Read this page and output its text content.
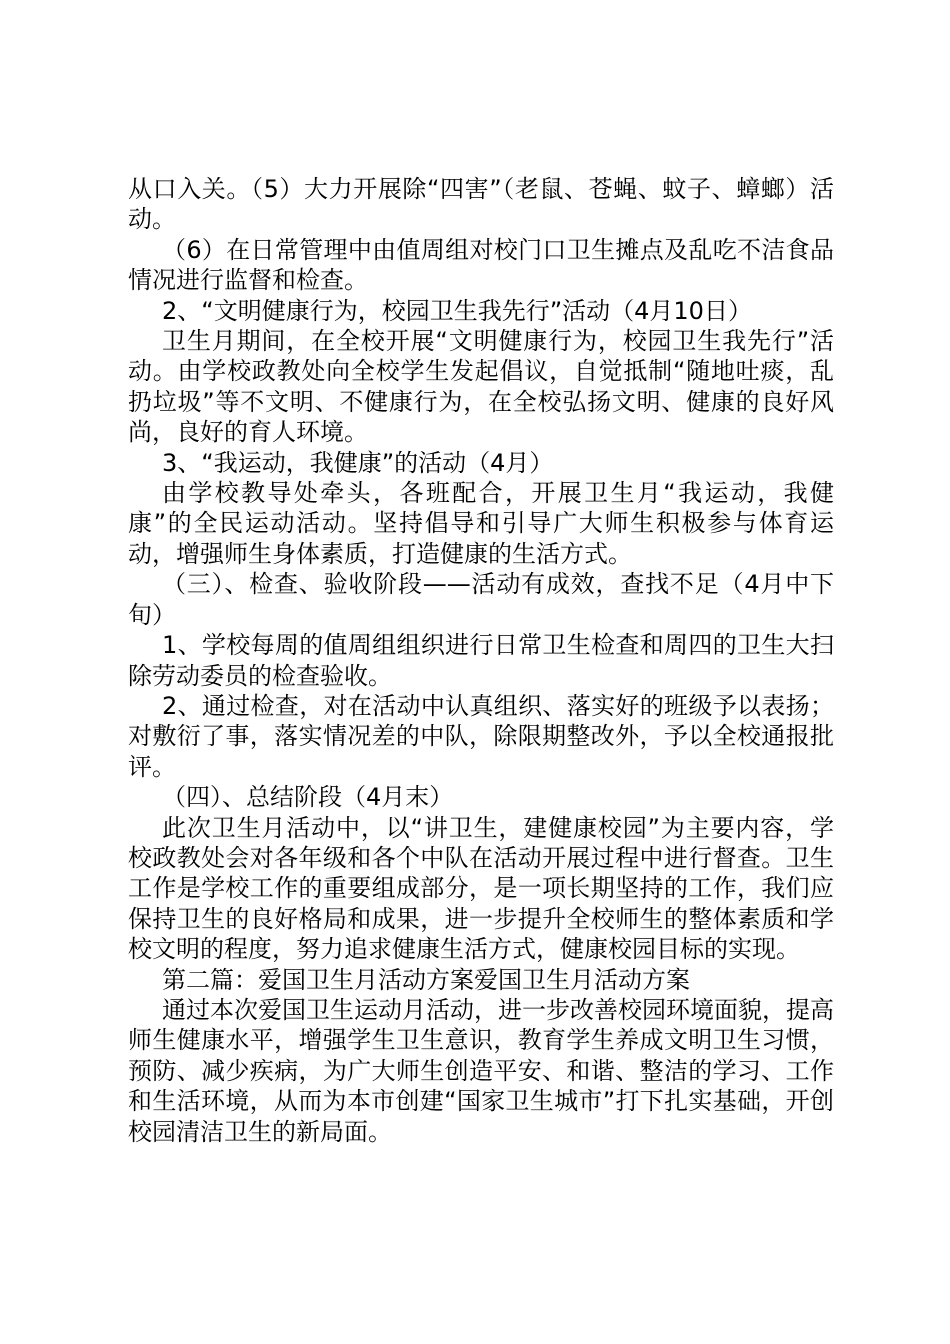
从口入关。（5）大力开展除“四害”（老鼠、苍蝇、蚊子、蟑螂）活动。

（6）在日常管理中由值周组对校门口卫生摊点及乱吃不洁食品情况进行监督和检查。

2、“文明健康行为，校园卫生我先行”活动（4月10日）

卫生月期间，在全校开展“文明健康行为，校园卫生我先行”活动。由学校政教处向全校学生发起倡议，自觉抵制“随地吐痰，乱扔垃圾”等不文明、不健康行为，在全校弘扬文明、健康的良好风尚，良好的育人环境。

3、“我运动，我健康”的活动（4月）

由学校教导处牵头，各班配合，开展卫生月“我运动，我健康”的全民运动活动。坚持倡导和引导广大师生积极参与体育运动，增强师生身体素质，打造健康的生活方式。

（三）、检查、验收阶段——活动有成效，查找不足（4月中下旬）

1、学校每周的值周组组织进行日常卫生检查和周四的卫生大扫除劳动委员的检查验收。

2、通过检查，对在活动中认真组织、落实好的班级予以表扬；对敷衍了事，落实情况差的中队，除限期整改外，予以全校通报批评。

（四）、总结阶段（4月末）

此次卫生月活动中，以“讲卫生，建健康校园”为主要内容，学校政教处会对各年级和各个中队在活动开展过程中进行督查。卫生工作是学校工作的重要组成部分，是一项长期坚持的工作，我们应保持卫生的良好格局和成果，进一步提升全校师生的整体素质和学校文明的程度，努力追求健康生活方式，健康校园目标的实现。

第二篇：爱国卫生月活动方案爱国卫生月活动方案

通过本次爱国卫生运动月活动，进一步改善校园环境面貌，提高师生健康水平，增强学生卫生意识，教育学生养成文明卫生习惯，预防、减少疾病，为广大师生创造平安、和谐、整洁的学习、工作和生活环境，从而为本市创建“国家卫生城市”打下扎实基础，开创校园清洁卫生的新局面。
